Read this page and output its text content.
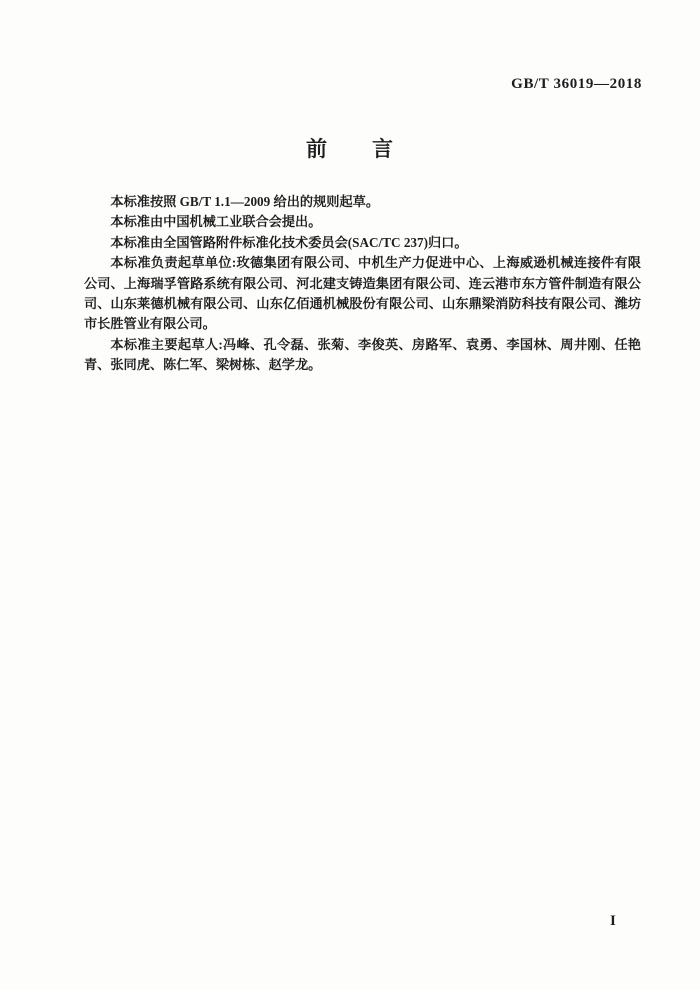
GB/T 36019—2018
前　　言

本标准按照 GB/T 1.1—2009 给出的规则起草。

本标准由中国机械工业联合会提出。

本标准由全国管路附件标准化技术委员会(SAC/TC 237)归口。

本标准负责起草单位:玫德集团有限公司、中机生产力促进中心、上海威逊机械连接件有限公司、上海瑞孚管路系统有限公司、河北建支铸造集团有限公司、连云港市东方管件制造有限公司、山东莱德机械有限公司、山东亿佰通机械股份有限公司、山东鼎梁消防科技有限公司、潍坊市长胜管业有限公司。

本标准主要起草人:冯峰、孔令磊、张菊、李俊英、房路军、袁勇、李国林、周井刚、任艳青、张同虎、陈仁军、梁树栋、赵学龙。

I
